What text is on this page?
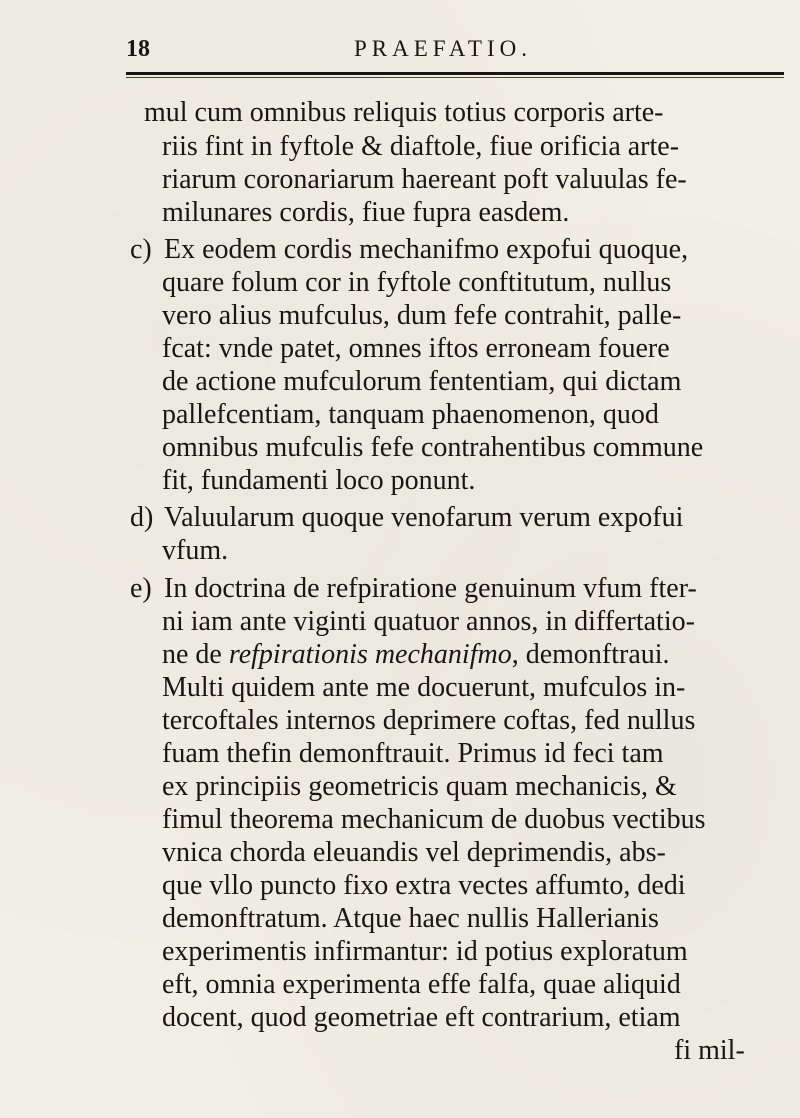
18	PRAEFATIO.
mul cum omnibus reliquis totius corporis arte-
riis fint in fyftole & diaftole, fiue orificia arte-
riarum coronariarum haereant poft valuulas fe-
milunares cordis, fiue fupra easdem.
c) Ex eodem cordis mechanifmo expofui quoque,
quare folum cor in fyftole conftitutum, nullus
vero alius mufculus, dum fefe contrahit, palle-
fcat: vnde patet, omnes iftos erroneam fouere
de actione mufculorum fententiam, qui dictam
pallefcentiam, tanquam phaenomenon, quod
omnibus mufculis fefe contrahentibus commune
fit, fundamenti loco ponunt.
d) Valuularum quoque venofarum verum expofui
vfum.
e) In doctrina de refpiratione genuinum vfum fter-
ni iam ante viginti quatuor annos, in differtatio-
ne de refpirationis mechanifmo, demonftraui.
Multi quidem ante me docuerunt, mufculos in-
tercoftales internos deprimere coftas, fed nullus
fuam thefin demonftrauit. Primus id feci tam
ex principiis geometricis quam mechanicis, &
fimul theorema mechanicum de duobus vectibus
vnica chorda eleuandis vel deprimendis, abs-
que vllo puncto fixo extra vectes affumto, dedi
demonftratum. Atque haec nullis Hallerianis
experimentis infirmantur: id potius exploratum
eft, omnia experimenta effe falfa, quae aliquid
docent, quod geometriae eft contrarium, etiam
fi mil-
